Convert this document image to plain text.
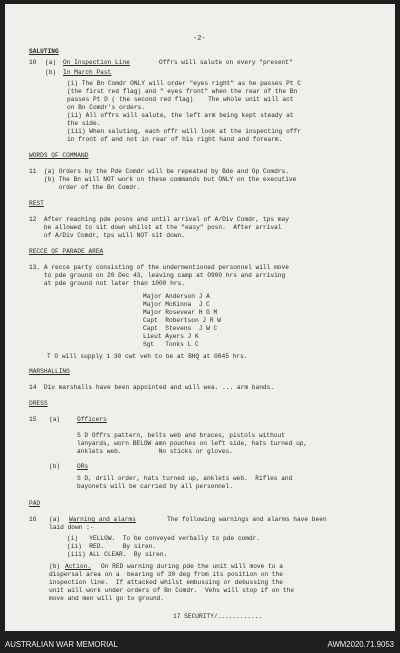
-2-
SALUTING
10 (a) On Inspection Line	Offrs will salute on every "present"
(b) In March Past
(i) The Bn Comdr ONLY will order "eyes right" as he passes Pt C
(the first red flag) and " eyes front" when the rear of the Bn
passes Pt D ( the second red flag)    The whole unit will act
on Bn Comdr's orders.
(ii) All offrs will salute, the left arm being kept steady at
the side.
(iii) When saluting, each offr will look at the inspecting offr
in front of and not in rear of his right hand and forearm.
WORDS OF COMMAND
11  (a) Orders by the Pde Comdr will be repeated by Bde and Op Comdrs.
(b) The Bn will NOT work on these commands but ONLY on the executive
order of the Bn Comdr.
REST
12  After reaching pde posns and until arrival of A/Div Comdr, tps may
be allowed to sit down whilst at the "easy" posn.  After arrival
of A/Div Comdr, tps will NOT sit down.
RECCE OF PARADE AREA
13. A recce party consisting of the undermentioned personnel will move
to pde ground on 20 Dec 43, leaving camp at 0900 hrs and arriving
at pde ground not later than 1000 hrs.
Major Anderson J A
Major McKinna  J C
Major Rosevear H G M
Capt  Robertson J R W
Capt  Stevens  J W C
Lieut Ayers J K
Sgt   Tonks L C
T O will supply 1 30 cwt veh to be at BHQ at 0845 hrs.
MARSHALLING
14  Div marshalls have been appointed and will wea. ... arm bands.
DRESS
15 (a)	Officers
S D Offrs pattern, belts web and braces, pistols without
lanyards, worn BELOW amn pouches on left side, hats turned up,
anklets web.          No sticks or gloves.
(b)	ORs
S D, drill order, hats turned up, anklets web.  Rifles and
bayonets will be carried by all personnel.
PAD
16 (a) Warning and alarms	The following warnings and alarms have been
laid down :-
(i)   YELLOW.  To be conveyed verbally to pde comdr.
(ii)  RED.     By siren.
(iii) ALL CLEAR.  By siren.
(b) Action. On RED warning during pde the unit will move to a
dispersal area on a  bearing of 30 deg from its position on the
inspection line.  If attacked whilst embussing or debussing the
unit will work under orders of Bn Comdr.  Vehs will stop if on the
move and men will go to ground.
17 SECURITY/............
AUSTRALIAN WAR MEMORIAL	AWM2020.71.9053
